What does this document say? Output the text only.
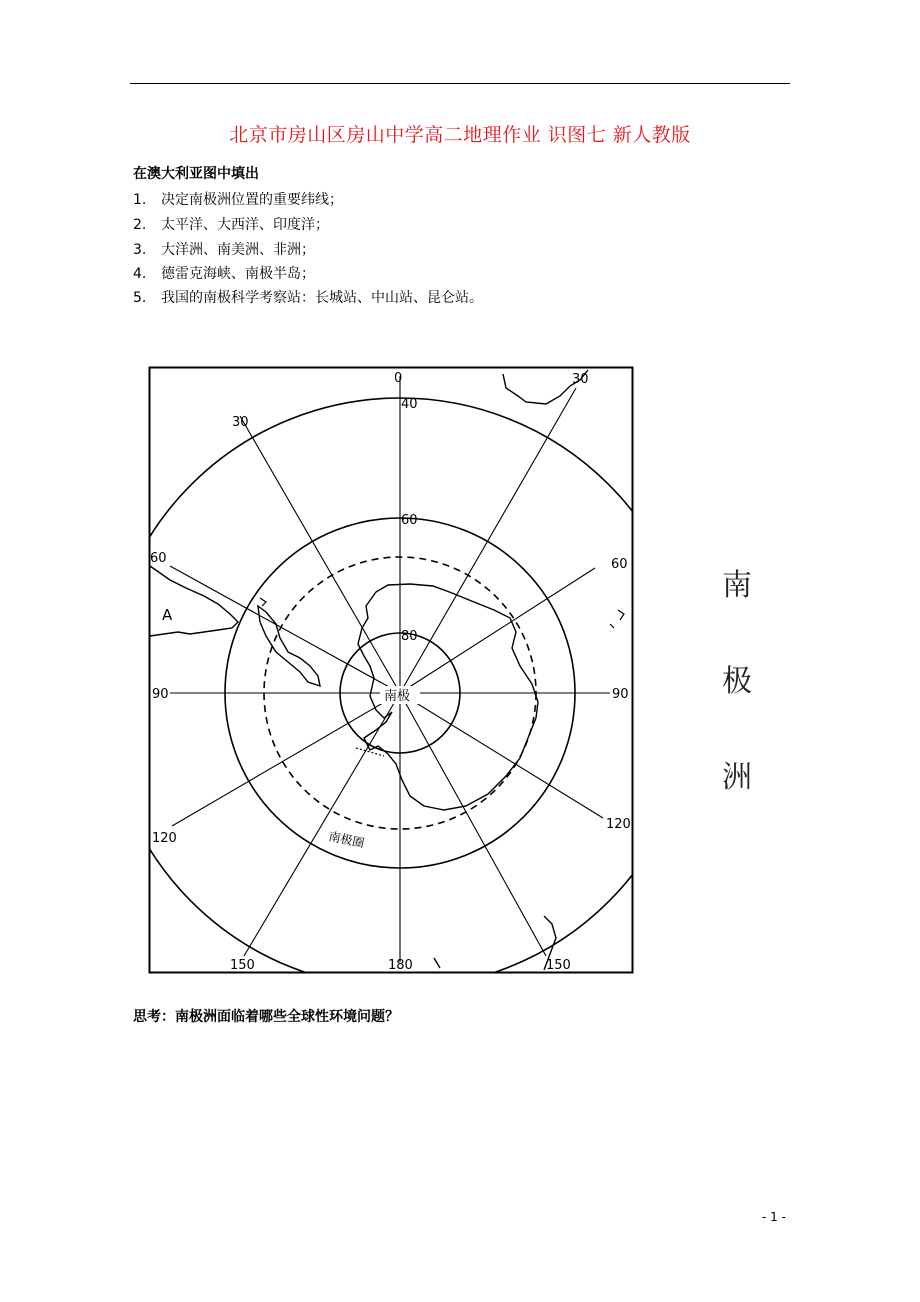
北京市房山区房山中学高二地理作业 识图七 新人教版
在澳大利亚图中填出
1. 决定南极洲位置的重要纬线；
2. 太平洋、大西洋、印度洋；
3. 大洋洲、南美洲、非洲；
4. 德雷克海峡、南极半岛；
5. 我国的南极科学考察站：长城站、中山站、昆仑站。
0	30
30
40
60
80
60
60
90
90
120
120
150
150	180
A
南极
南极圈
南
极
洲
思考：南极洲面临着哪些全球性环境问题？
- 1 -
